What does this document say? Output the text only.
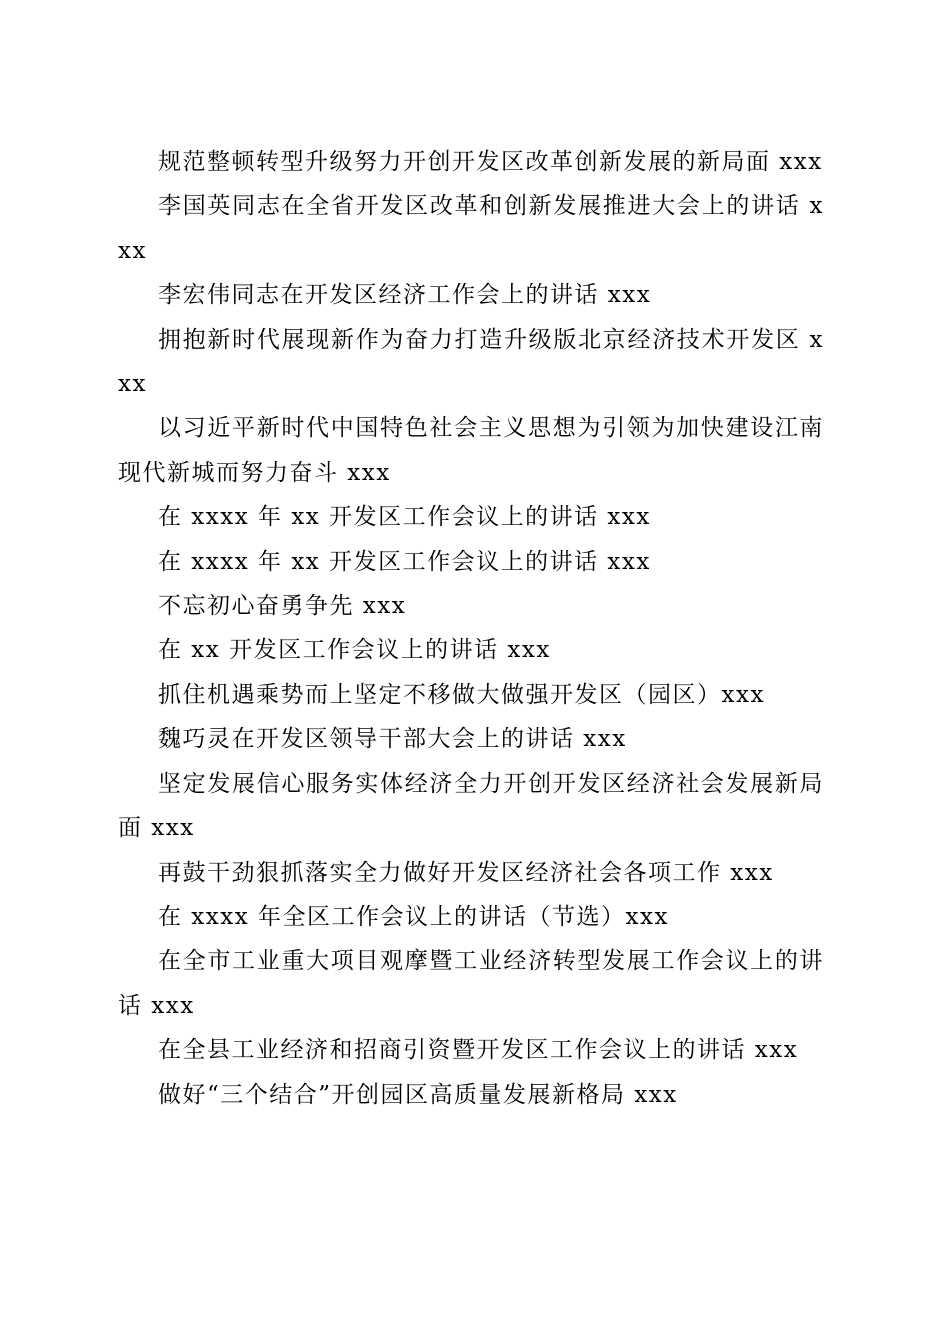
规范整顿转型升级努力开创开发区改革创新发展的新局面 xxx
李国英同志在全省开发区改革和创新发展推进大会上的讲话 xxx
李宏伟同志在开发区经济工作会上的讲话 xxx
拥抱新时代展现新作为奋力打造升级版北京经济技术开发区 xxx
以习近平新时代中国特色社会主义思想为引领为加快建设江南现代新城而努力奋斗 xxx
在 xxxx 年 xx 开发区工作会议上的讲话 xxx
在 xxxx 年 xx 开发区工作会议上的讲话 xxx
不忘初心奋勇争先 xxx
在 xx 开发区工作会议上的讲话 xxx
抓住机遇乘势而上坚定不移做大做强开发区（园区）xxx
魏巧灵在开发区领导干部大会上的讲话 xxx
坚定发展信心服务实体经济全力开创开发区经济社会发展新局面 xxx
再鼓干劲狠抓落实全力做好开发区经济社会各项工作 xxx
在 xxxx 年全区工作会议上的讲话（节选）xxx
在全市工业重大项目观摩暨工业经济转型发展工作会议上的讲话 xxx
在全县工业经济和招商引资暨开发区工作会议上的讲话 xxx
做好“三个结合”开创园区高质量发展新格局 xxx
